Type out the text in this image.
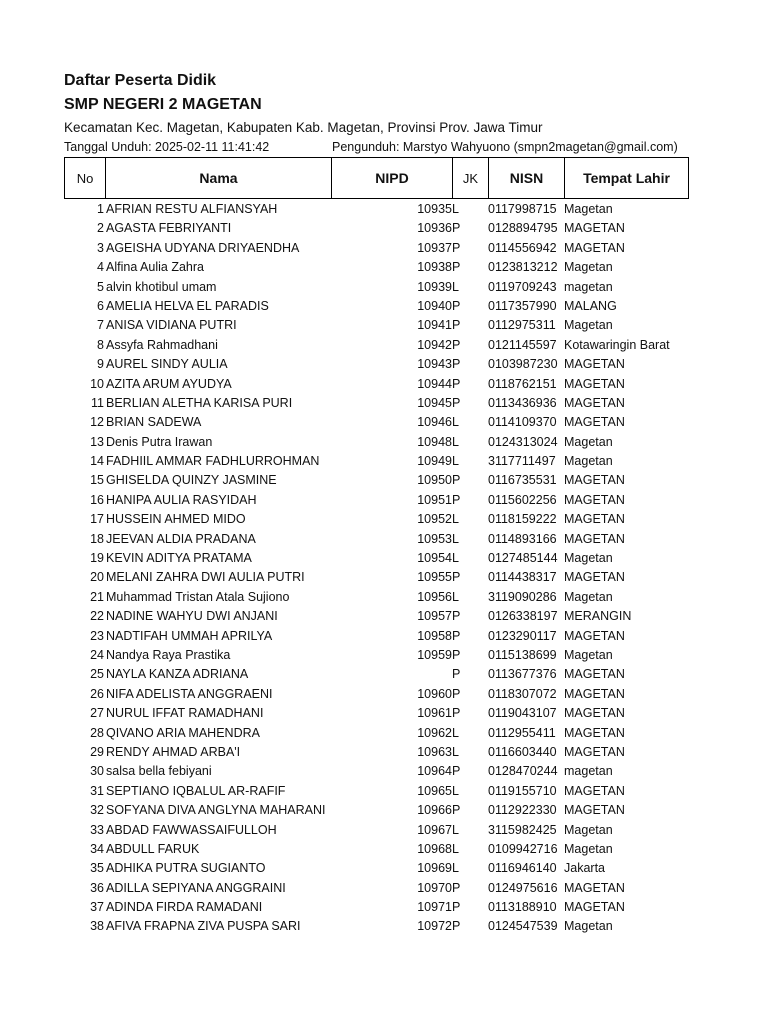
Daftar Peserta Didik
SMP NEGERI 2 MAGETAN
Kecamatan Kec. Magetan, Kabupaten Kab. Magetan, Provinsi Prov. Jawa Timur
Tanggal Unduh: 2025-02-11 11:41:42	Pengunduh: Marstyo Wahyuono (smpn2magetan@gmail.com)
No	Nama	NIPD	JK	NISN	Tempat Lahir
1 AFRIAN RESTU ALFIANSYAH	10935 L 0117998715 Magetan
2 AGASTA FEBRIYANTI	10936 P 0128894795 MAGETAN
3 AGEISHA UDYANA DRIYAENDHA	10937 P 0114556942 MAGETAN
4 Alfina Aulia Zahra	10938 P 0123813212 Magetan
5 alvin khotibul umam	10939 L 0119709243 magetan
6 AMELIA HELVA EL PARADIS	10940 P 0117357990 MALANG
7 ANISA VIDIANA PUTRI	10941 P 0112975311 Magetan
8 Assyfa Rahmadhani	10942 P 0121145597 Kotawaringin Barat
9 AUREL SINDY AULIA	10943 P 0103987230 MAGETAN
10 AZITA ARUM AYUDYA	10944 P 0118762151 MAGETAN
11 BERLIAN ALETHA KARISA PURI	10945 P 0113436936 MAGETAN
12 BRIAN SADEWA	10946 L 0114109370 MAGETAN
13 Denis Putra Irawan	10948 L 0124313024 Magetan
14 FADHIIL AMMAR FADHLURROHMAN	10949 L 3117711497 Magetan
15 GHISELDA QUINZY JASMINE	10950 P 0116735531 MAGETAN
16 HANIPA AULIA RASYIDAH	10951 P 0115602256 MAGETAN
17 HUSSEIN AHMED MIDO	10952 L 0118159222 MAGETAN
18 JEEVAN ALDIA PRADANA	10953 L 0114893166 MAGETAN
19 KEVIN ADITYA PRATAMA	10954 L 0127485144 Magetan
20 MELANI ZAHRA DWI AULIA PUTRI	10955 P 0114438317 MAGETAN
21 Muhammad Tristan Atala Sujiono	10956 L 3119090286 Magetan
22 NADINE WAHYU DWI ANJANI	10957 P 0126338197 MERANGIN
23 NADTIFAH UMMAH APRILYA	10958 P 0123290117 MAGETAN
24 Nandya Raya Prastika	10959 P 0115138699 Magetan
25 NAYLA KANZA ADRIANA	P 0113677376 MAGETAN
26 NIFA ADELISTA ANGGRAENI	10960 P 0118307072 MAGETAN
27 NURUL IFFAT RAMADHANI	10961 P 0119043107 MAGETAN
28 QIVANO ARIA MAHENDRA	10962 L 0112955411 MAGETAN
29 RENDY AHMAD ARBA'I	10963 L 0116603440 MAGETAN
30 salsa bella febiyani	10964 P 0128470244 magetan
31 SEPTIANO IQBALUL AR-RAFIF	10965 L 0119155710 MAGETAN
32 SOFYANA DIVA ANGLYNA MAHARANI	10966 P 0112922330 MAGETAN
33 ABDAD FAWWASSAIFULLOH	10967 L 3115982425 Magetan
34 ABDULL FARUK	10968 L 0109942716 Magetan
35 ADHIKA PUTRA SUGIANTO	10969 L 0116946140 Jakarta
36 ADILLA SEPIYANA ANGGRAINI	10970 P 0124975616 MAGETAN
37 ADINDA FIRDA RAMADANI	10971 P 0113188910 MAGETAN
38 AFIVA FRAPNA ZIVA PUSPA SARI	10972 P 0124547539 Magetan
